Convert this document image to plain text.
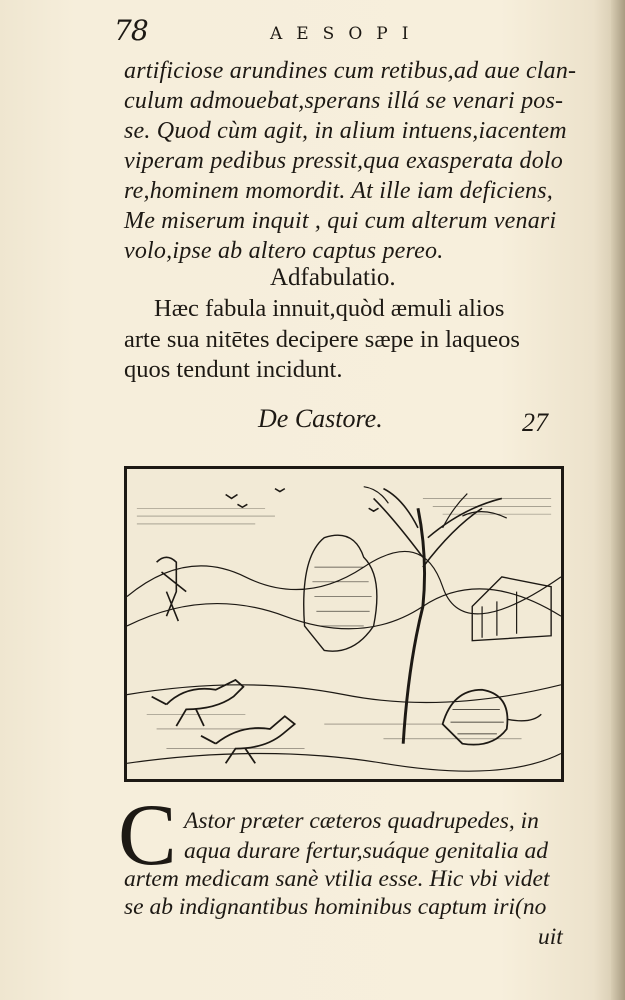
78	AESOPI
artificiose arundines cum retibus,ad aue clan-
culum admouebat,sperans illá se venari pos-
se. Quod cùm agit, in alium intuens,iacentem
viperam pedibus pressit,qua exasperata dolo
re,hominem momordit. At ille iam deficiens,
Me miserum inquit , qui cum alterum venari
volo,ipse ab altero captus pereo.
Adfabulatio.
Hæc fabula innuit,quòd æmuli alios
arte sua nitētes decipere sæpe in laqueos
quos tendunt incidunt.
De Castore.	27
C Astor præter cæteros quadrupedes, in
aqua durare fertur,suáque genitalia ad
artem medicam sanè vtilia esse. Hic vbi videt
se ab indignantibus hominibus captum iri(no
uit
